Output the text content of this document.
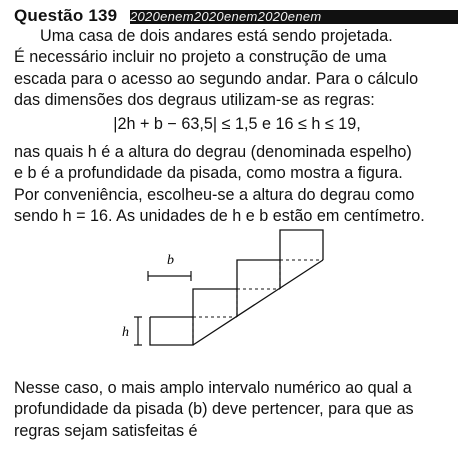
Questão 139 2020enem2020enem2020enem
Uma casa de dois andares está sendo projetada.
É necessário incluir no projeto a construção de uma
escada para o acesso ao segundo andar. Para o cálculo
das dimensões dos degraus utilizam-se as regras:
|2h + b − 63,5| ≤ 1,5 e 16 ≤ h ≤ 19,
nas quais h é a altura do degrau (denominada espelho)
e b é a profundidade da pisada, como mostra a figura.
Por conveniência, escolheu-se a altura do degrau como
sendo h = 16. As unidades de h e b estão em centímetro.
b
h
Nesse caso, o mais amplo intervalo numérico ao qual a
profundidade da pisada (b) deve pertencer, para que as
regras sejam satisfeitas é
